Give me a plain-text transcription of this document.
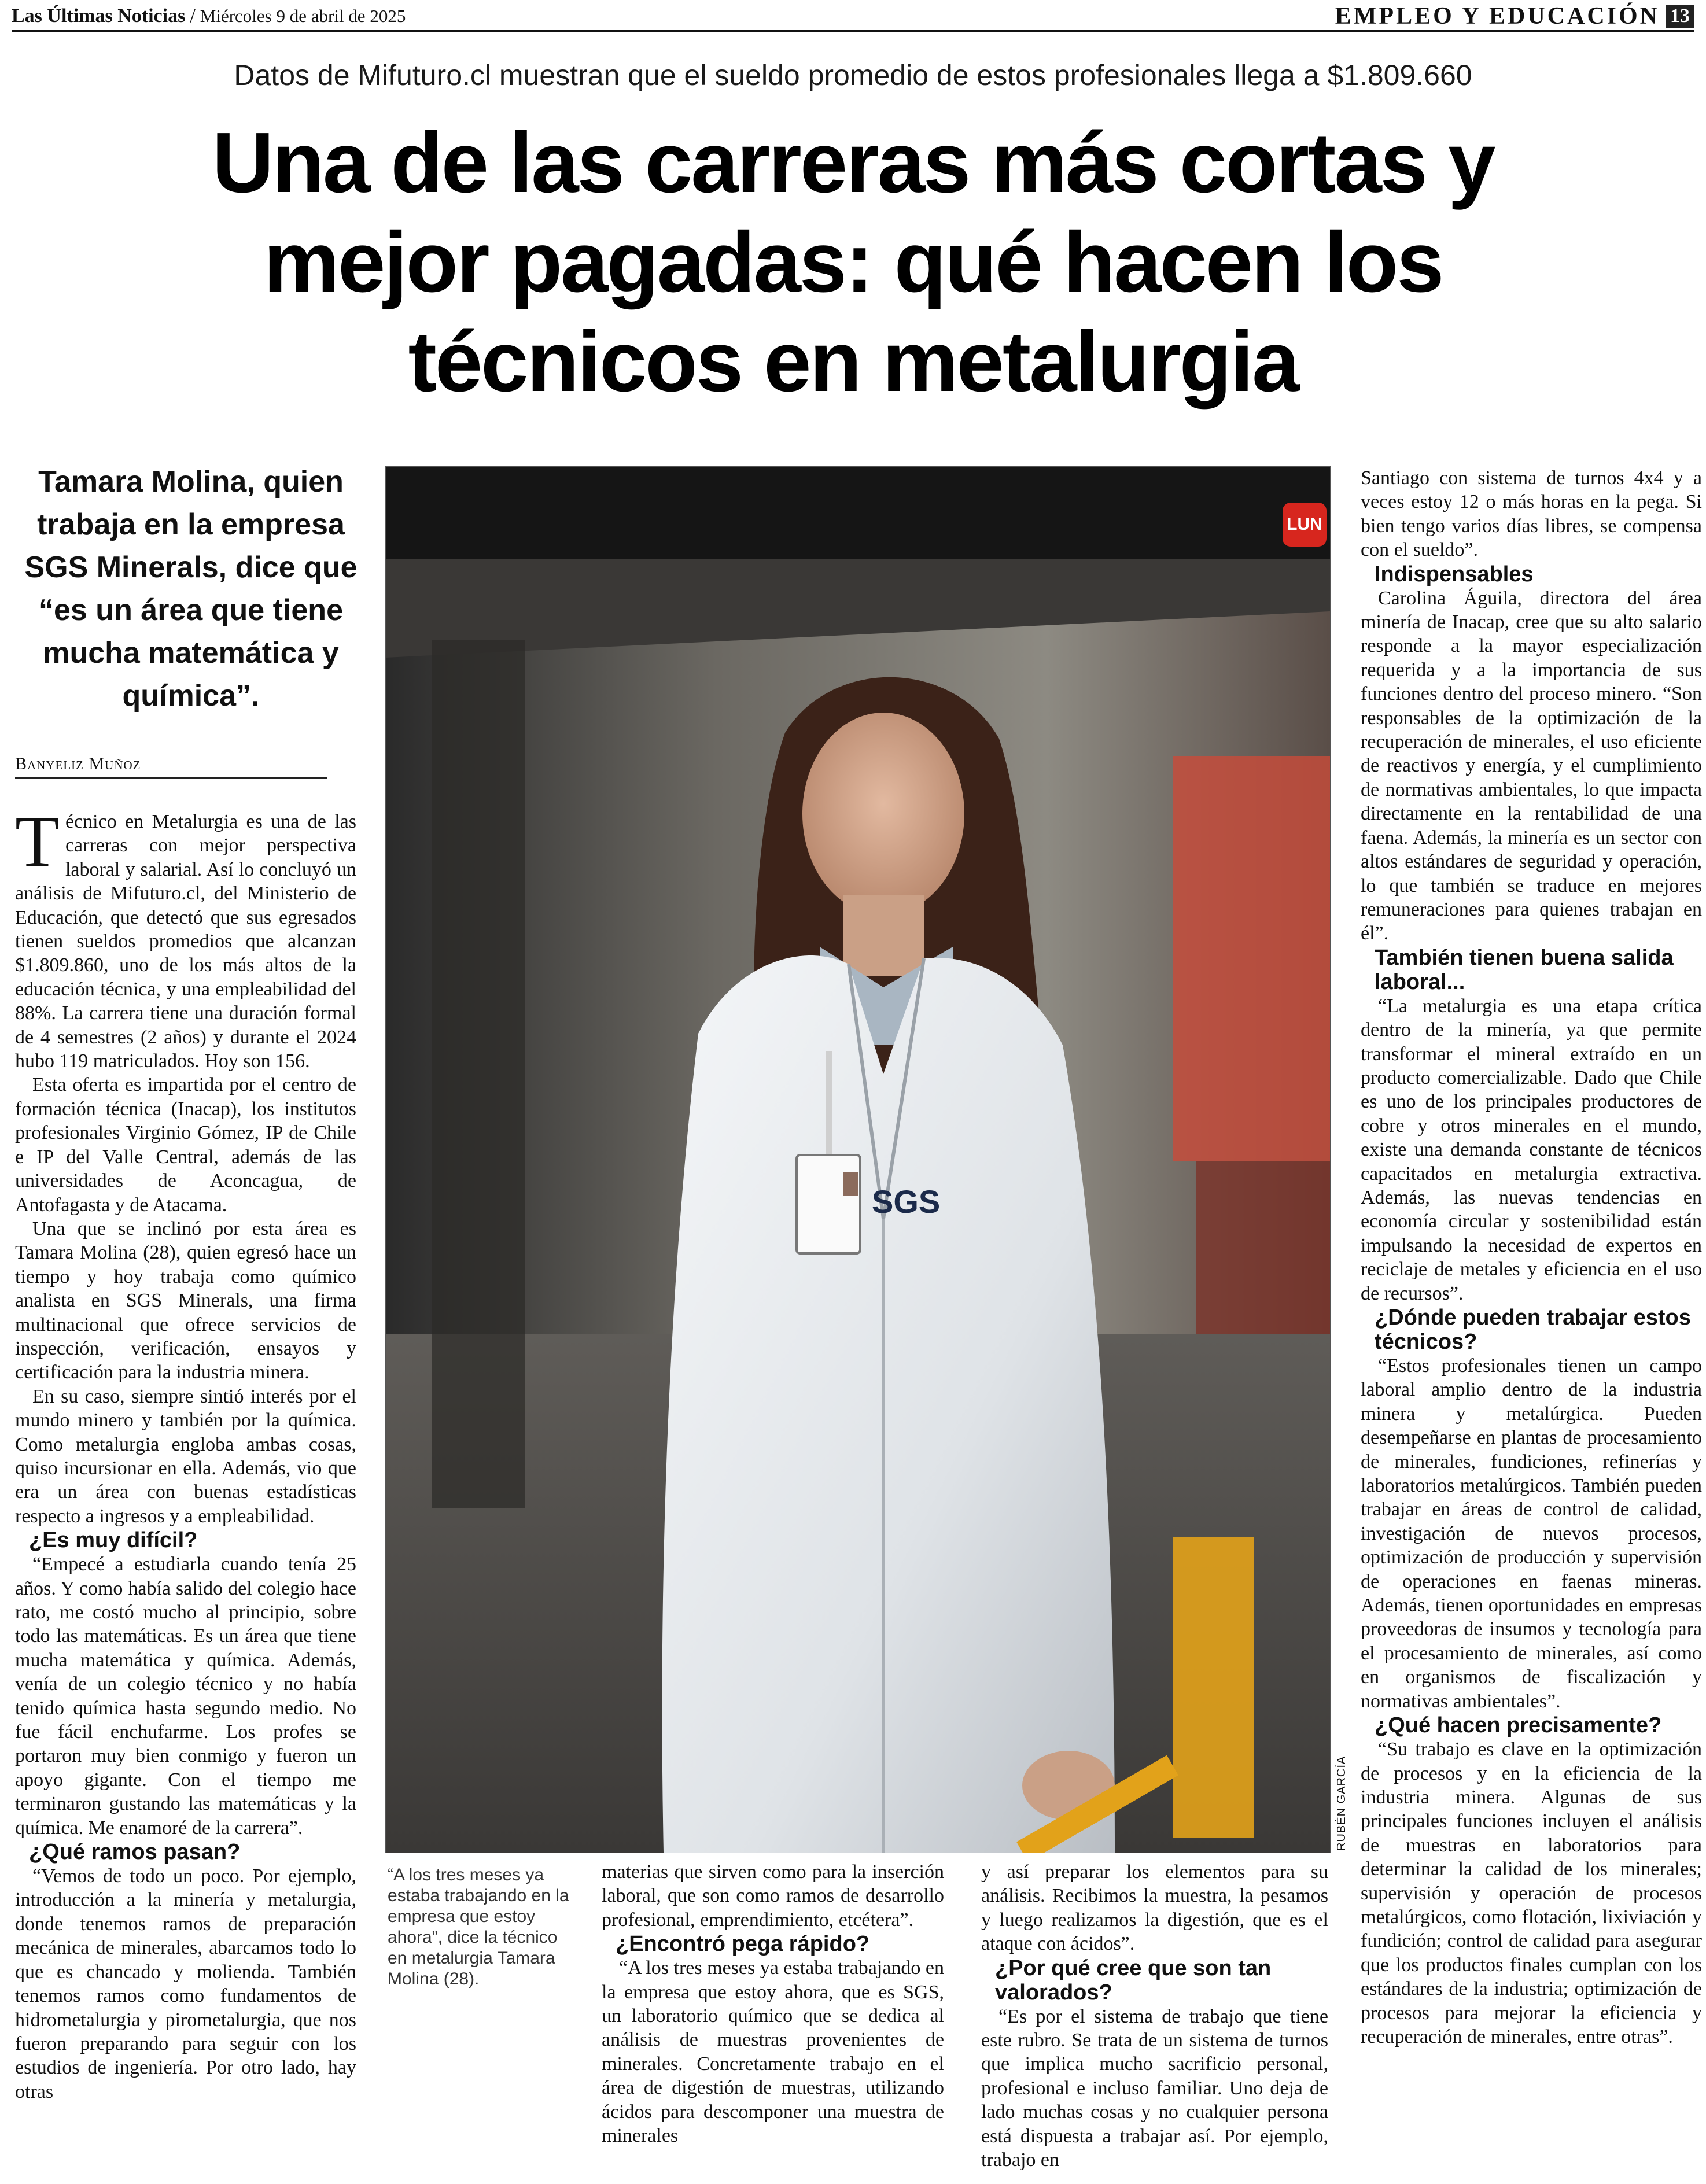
Las Últimas Noticias / Miércoles 9 de abril de 2025	EMPLEO Y EDUCACIÓN 13
Datos de Mifuturo.cl muestran que el sueldo promedio de estos profesionales llega a $1.809.660
Una de las carreras más cortas y mejor pagadas: qué hacen los técnicos en metalurgia
Tamara Molina, quien trabaja en la empresa SGS Minerals, dice que “es un área que tiene mucha matemática y química”.
Banyeliz Muñoz
T écnico en Metalurgia es una de las carreras con mejor perspectiva laboral y salarial. Así lo concluyó un análisis de Mifuturo.cl, del Ministerio de Educación, que detectó que sus egresados tienen sueldos promedios que alcanzan $1.809.860, uno de los más altos de la educación técnica, y una empleabilidad del 88%. La carrera tiene una duración formal de 4 semestres (2 años) y durante el 2024 hubo 119 matriculados. Hoy son 156.

Esta oferta es impartida por el centro de formación técnica (Inacap), los institutos profesionales Virginio Gómez, IP de Chile e IP del Valle Central, además de las universidades de Aconcagua, de Antofagasta y de Atacama.

Una que se inclinó por esta área es Tamara Molina (28), quien egresó hace un tiempo y hoy trabaja como químico analista en SGS Minerals, una firma multinacional que ofrece servicios de inspección, verificación, ensayos y certificación para la industria minera.

En su caso, siempre sintió interés por el mundo minero y también por la química. Como metalurgia engloba ambas cosas, quiso incursionar en ella. Además, vio que era un área con buenas estadísticas respecto a ingresos y a empleabilidad.

¿Es muy difícil?

“Empecé a estudiarla cuando tenía 25 años. Y como había salido del colegio hace rato, me costó mucho al principio, sobre todo las matemáticas. Es un área que tiene mucha matemática y química. Además, venía de un colegio técnico y no había tenido química hasta segundo medio. No fue fácil enchufarme. Los profes se portaron muy bien conmigo y fueron un apoyo gigante. Con el tiempo me terminaron gustando las matemáticas y la química. Me enamoré de la carrera”.

¿Qué ramos pasan?

“Vemos de todo un poco. Por ejemplo, introducción a la minería y metalurgia, donde tenemos ramos de preparación mecánica de minerales, abarcamos todo lo que es chancado y molienda. También tenemos ramos como fundamentos de hidrometalurgia y pirometalurgia, que nos fueron preparando para seguir con los estudios de ingeniería. Por otro lado, hay otras

SGS
LUN
RUBÉN GARCÍA
“A los tres meses ya estaba trabajando en la empresa que estoy ahora”, dice la técnico en metalurgia Tamara Molina (28).

materias que sirven como para la inserción laboral, que son como ramos de desarrollo profesional, emprendimiento, etcétera”.

¿Encontró pega rápido?

“A los tres meses ya estaba trabajando en la empresa que estoy ahora, que es SGS, un laboratorio químico que se dedica al análisis de muestras provenientes de minerales. Concretamente trabajo en el área de digestión de muestras, utilizando ácidos para descomponer una muestra de minerales

y así preparar los elementos para su análisis. Recibimos la muestra, la pesamos y luego realizamos la digestión, que es el ataque con ácidos”.

¿Por qué cree que son tan valorados?

“Es por el sistema de trabajo que tiene este rubro. Se trata de un sistema de turnos que implica mucho sacrificio personal, profesional e incluso familiar. Uno deja de lado muchas cosas y no cualquier persona está dispuesta a trabajar así. Por ejemplo, trabajo en

Santiago con sistema de turnos 4x4 y a veces estoy 12 o más horas en la pega. Si bien tengo varios días libres, se compensa con el sueldo”.

Indispensables

Carolina Águila, directora del área minería de Inacap, cree que su alto salario responde a la mayor especialización requerida y a la importancia de sus funciones dentro del proceso minero. “Son responsables de la optimización de la recuperación de minerales, el uso eficiente de reactivos y energía, y el cumplimiento de normativas ambientales, lo que impacta directamente en la rentabilidad de una faena. Además, la minería es un sector con altos estándares de seguridad y operación, lo que también se traduce en mejores remuneraciones para quienes trabajan en él”.

También tienen buena salida laboral...

“La metalurgia es una etapa crítica dentro de la minería, ya que permite transformar el mineral extraído en un producto comercializable. Dado que Chile es uno de los principales productores de cobre y otros minerales en el mundo, existe una demanda constante de técnicos capacitados en metalurgia extractiva. Además, las nuevas tendencias en economía circular y sostenibilidad están impulsando la necesidad de expertos en reciclaje de metales y eficiencia en el uso de recursos”.

¿Dónde pueden trabajar estos técnicos?

“Estos profesionales tienen un campo laboral amplio dentro de la industria minera y metalúrgica. Pueden desempeñarse en plantas de procesamiento de minerales, fundiciones, refinerías y laboratorios metalúrgicos. También pueden trabajar en áreas de control de calidad, investigación de nuevos procesos, optimización de producción y supervisión de operaciones en faenas mineras. Además, tienen oportunidades en empresas proveedoras de insumos y tecnología para el procesamiento de minerales, así como en organismos de fiscalización y normativas ambientales”.

¿Qué hacen precisamente?

“Su trabajo es clave en la optimización de procesos y en la eficiencia de la industria minera. Algunas de sus principales funciones incluyen el análisis de muestras en laboratorios para determinar la calidad de los minerales; supervisión y operación de procesos metalúrgicos, como flotación, lixiviación y fundición; control de calidad para asegurar que los productos finales cumplan con los estándares de la industria; optimización de procesos para mejorar la eficiencia y recuperación de minerales, entre otras”.
